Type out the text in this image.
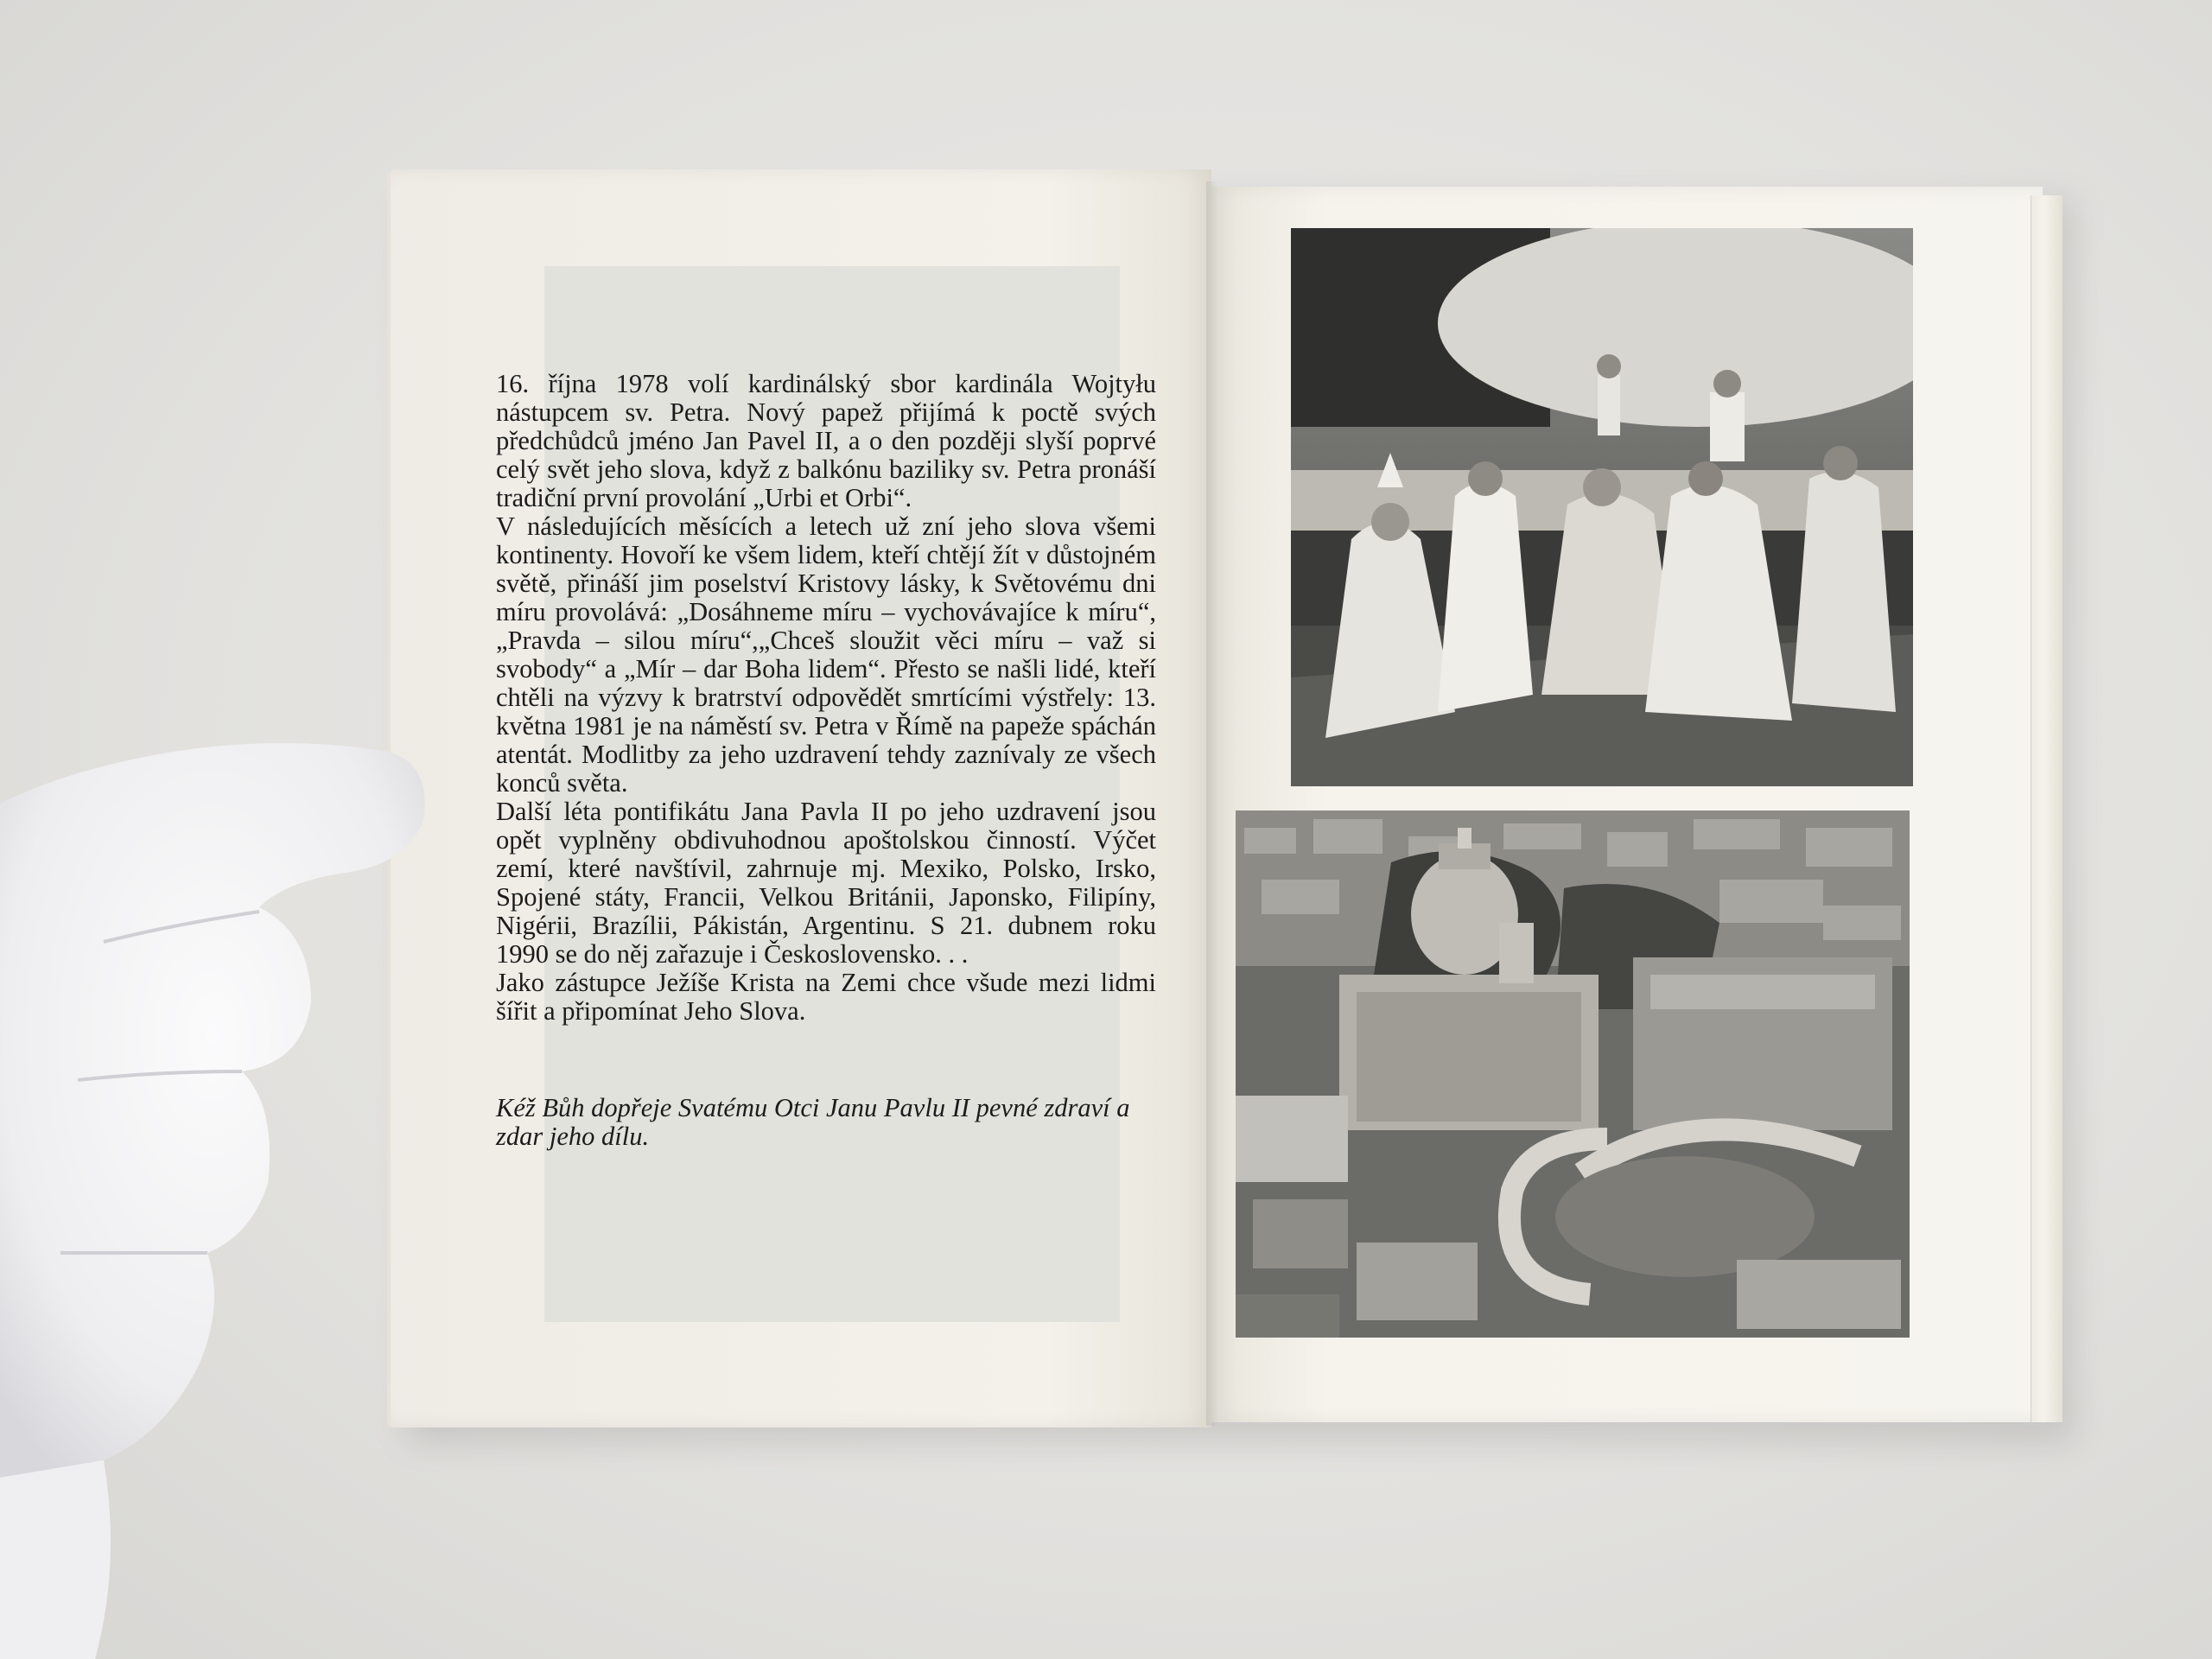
16. října 1978 volí kardinálský sbor kardinála Wojtyłu nástupcem sv. Petra. Nový papež přijímá k poctě svých předchůdců jméno Jan Pavel II, a o den později slyší poprvé celý svět jeho slova, když z balkónu baziliky sv. Petra pronáší tradiční první provolání „Urbi et Orbi“.

V následujících měsících a letech už zní jeho slova všemi kontinenty. Hovoří ke všem lidem, kteří chtějí žít v důstojném světě, přináší jim poselství Kristovy lásky, k Světovému dni míru provolává: „Dosáhneme míru – vychovávajíce k míru“, „Pravda – silou míru“,„Chceš sloužit věci míru – važ si svobody“ a „Mír – dar Boha lidem“. Přesto se našli lidé, kteří chtěli na výzvy k bratrství odpovědět smrtícími výstřely: 13. května 1981 je na náměstí sv. Petra v Římě na papeže spáchán atentát. Modlitby za jeho uzdravení tehdy zaznívaly ze všech konců světa.

Další léta pontifikátu Jana Pavla II po jeho uzdravení jsou opět vyplněny obdivuhodnou apoštolskou činností. Výčet zemí, které navštívil, zahrnuje mj. Mexiko, Polsko, Irsko, Spojené státy, Francii, Velkou Británii, Japonsko, Filipíny, Nigérii, Brazílii, Pákistán, Argentinu. S 21. dubnem roku 1990 se do něj zařazuje i Československo. . .

Jako zástupce Ježíše Krista na Zemi chce všude mezi lidmi šířit a připomínat Jeho Slova.

Kéž Bůh dopřeje Svatému Otci Janu Pavlu II pevné zdraví a zdar jeho dílu.
